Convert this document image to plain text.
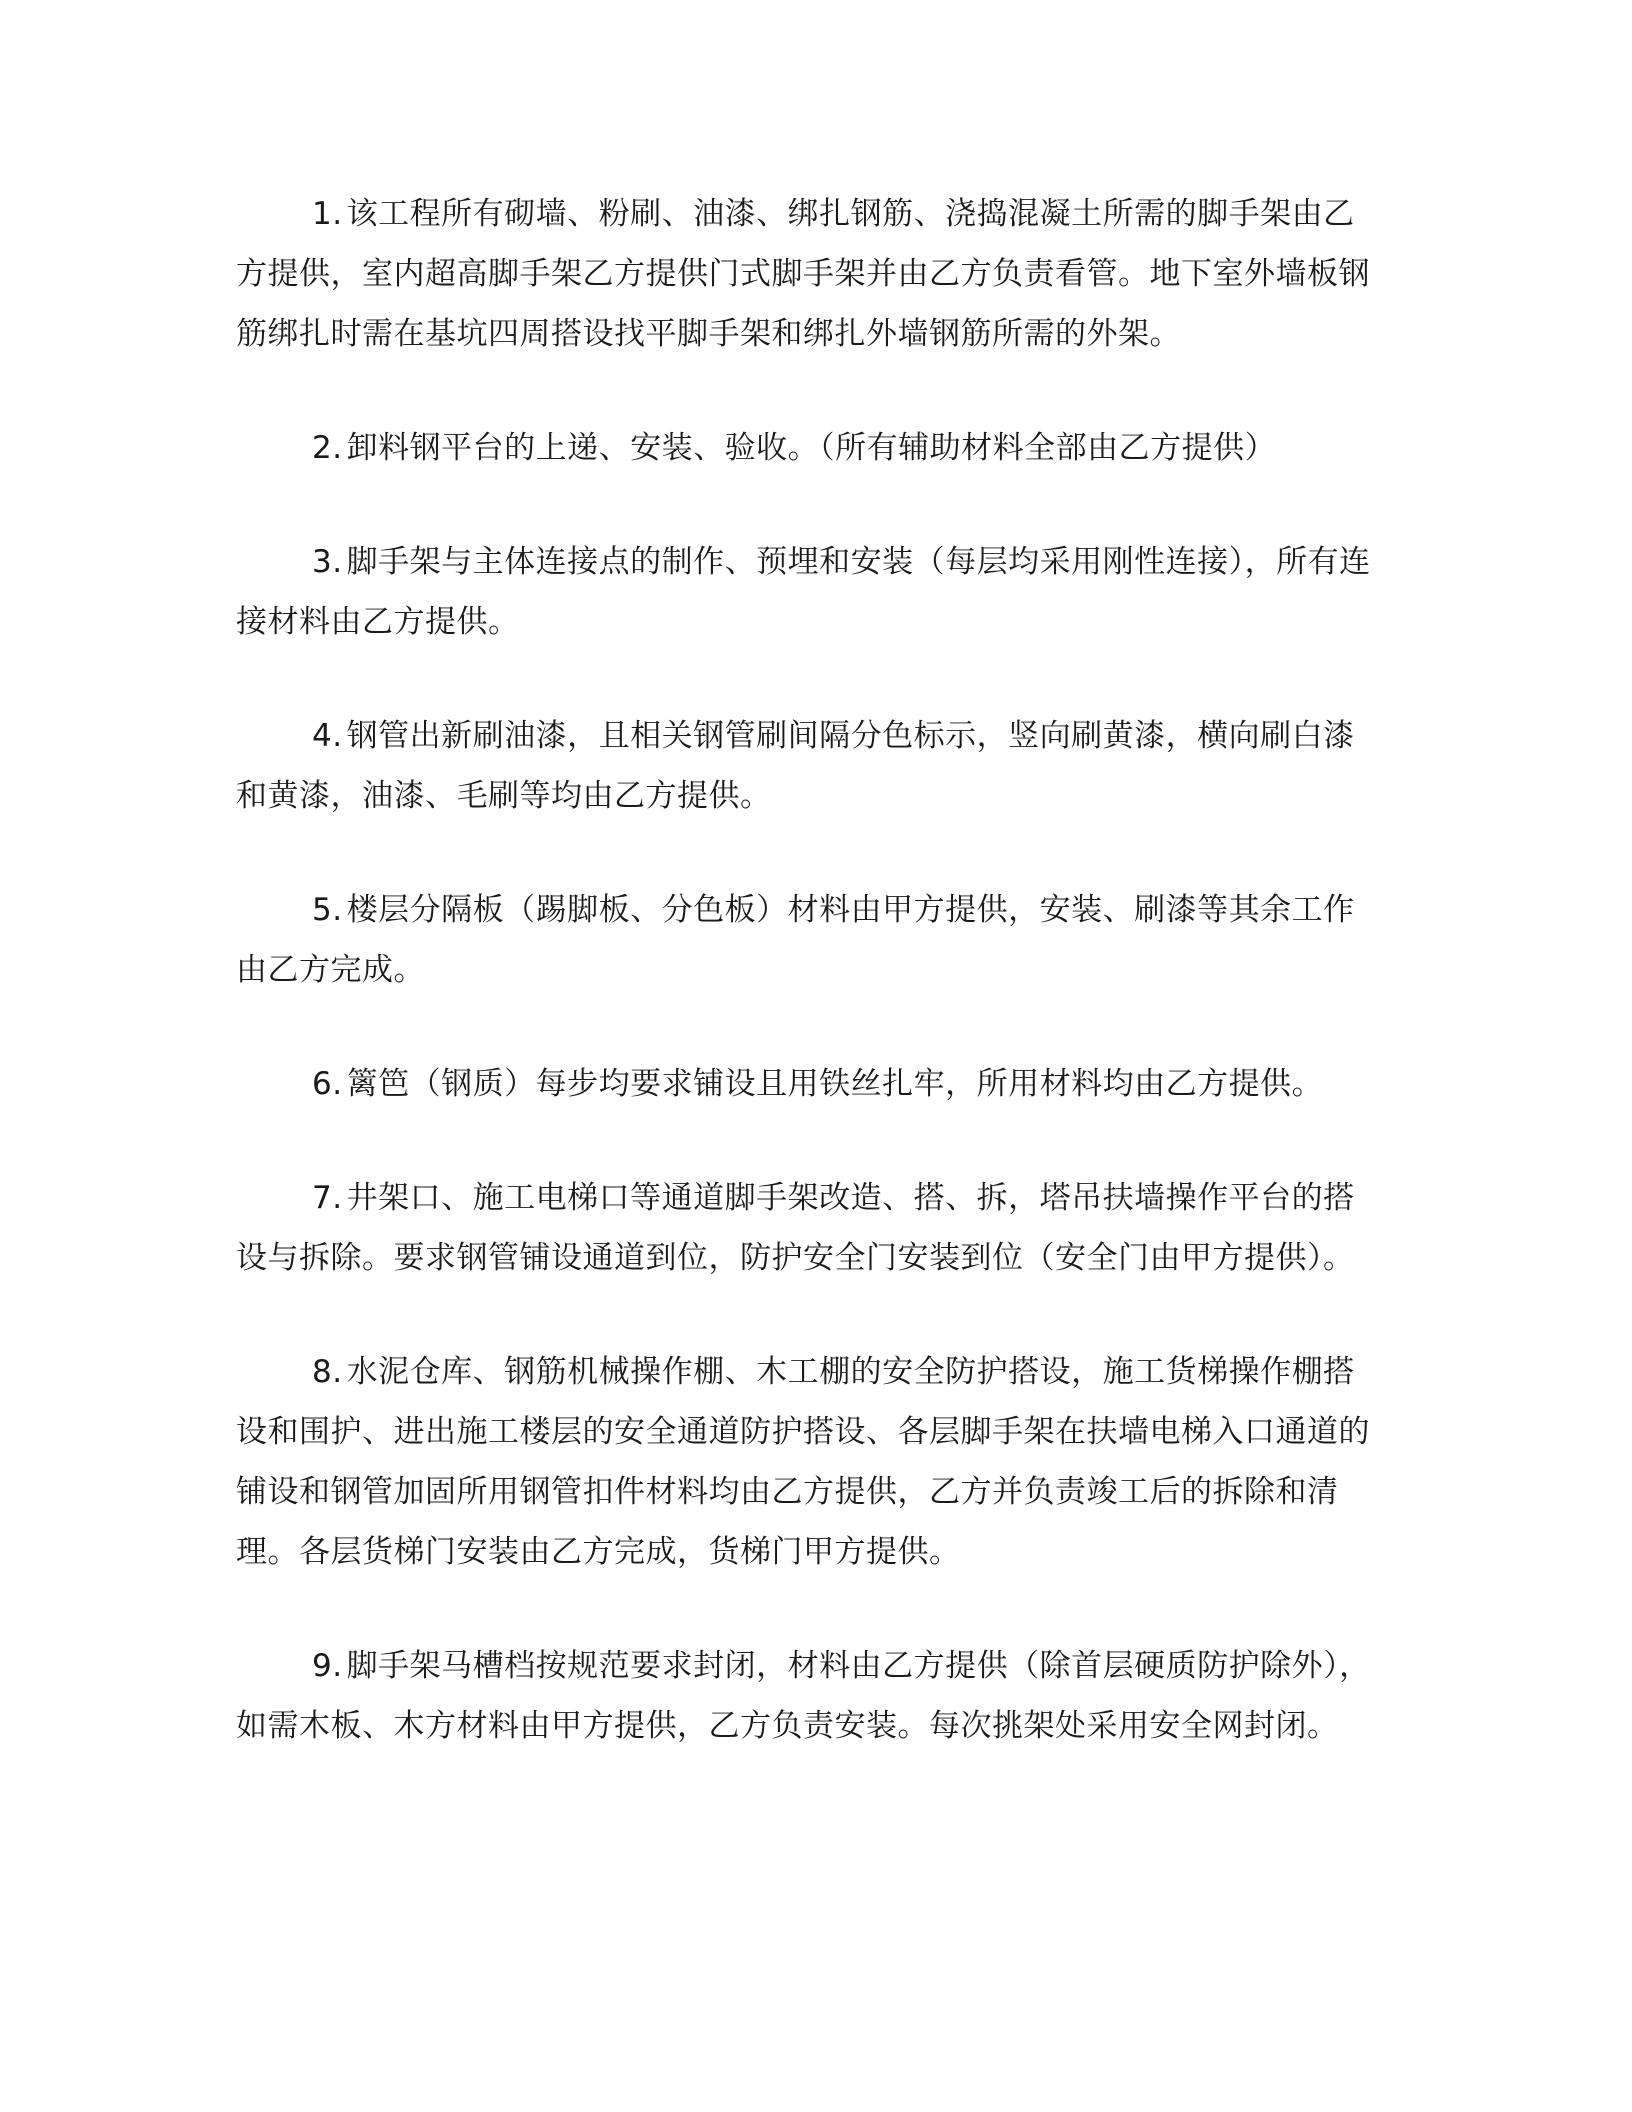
1. 该工程所有砌墙、粉刷、油漆、绑扎钢筋、浇捣混凝土所需的脚手架由乙方提供，室内超高脚手架乙方提供门式脚手架并由乙方负责看管。地下室外墙板钢筋绑扎时需在基坑四周搭设找平脚手架和绑扎外墙钢筋所需的外架。

2. 卸料钢平台的上递、安装、验收。（所有辅助材料全部由乙方提供）

3. 脚手架与主体连接点的制作、预埋和安装（每层均采用刚性连接），所有连接材料由乙方提供。

4. 钢管出新刷油漆，且相关钢管刷间隔分色标示，竖向刷黄漆，横向刷白漆和黄漆，油漆、毛刷等均由乙方提供。

5. 楼层分隔板（踢脚板、分色板）材料由甲方提供，安装、刷漆等其余工作由乙方完成。

6. 篱笆（钢质）每步均要求铺设且用铁丝扎牢，所用材料均由乙方提供。

7. 井架口、施工电梯口等通道脚手架改造、搭、拆，塔吊扶墙操作平台的搭设与拆除。要求钢管铺设通道到位，防护安全门安装到位（安全门由甲方提供）。

8. 水泥仓库、钢筋机械操作棚、木工棚的安全防护搭设，施工货梯操作棚搭设和围护、进出施工楼层的安全通道防护搭设、各层脚手架在扶墙电梯入口通道的铺设和钢管加固所用钢管扣件材料均由乙方提供，乙方并负责竣工后的拆除和清理。各层货梯门安装由乙方完成，货梯门甲方提供。

9. 脚手架马槽档按规范要求封闭，材料由乙方提供（除首层硬质防护除外），如需木板、木方材料由甲方提供，乙方负责安装。每次挑架处采用安全网封闭。
